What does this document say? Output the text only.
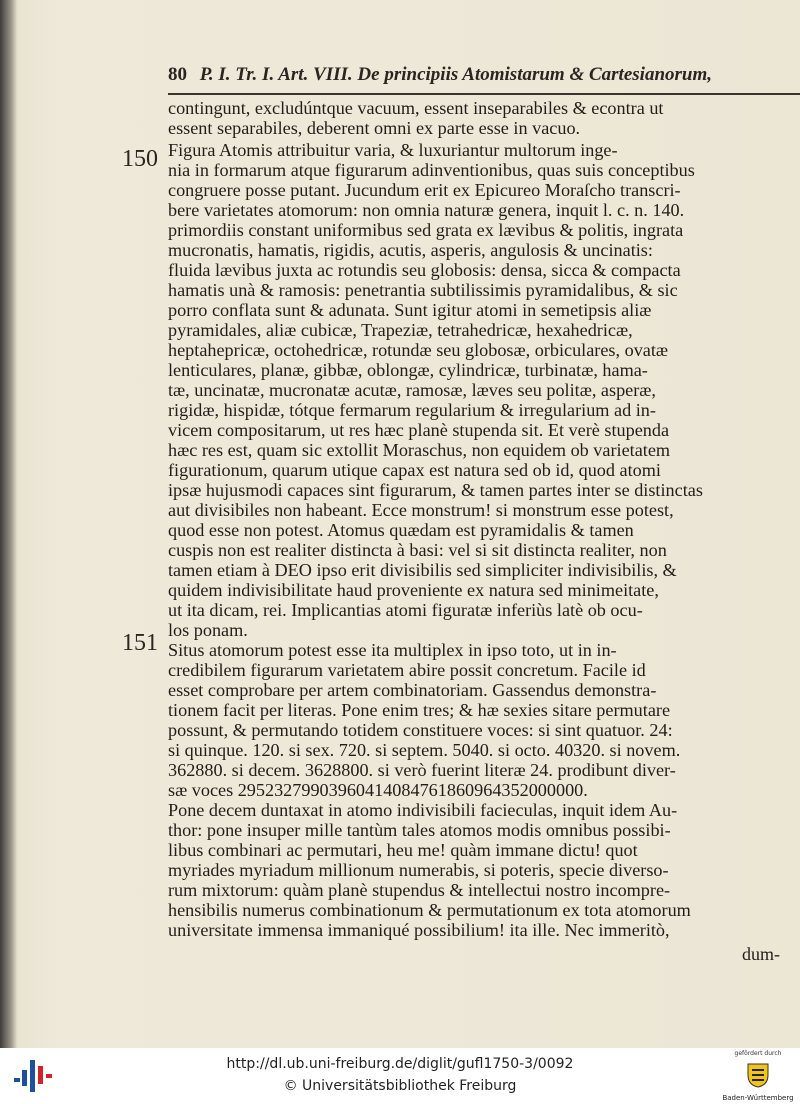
80 P. I. Tr. I. Art. VIII. De principiis Atomistarum & Cartesianorum,
150
151
contingunt, excludúntque vacuum, essent inseparabiles & econtra ut
essent separabiles, deberent omni ex parte esse in vacuo.
Figura Atomis attribuitur varia, & luxuriantur multorum inge-
nia in formarum atque figurarum adinventionibus, quas suis conceptibus
congruere posse putant. Jucundum erit ex Epicureo Moraſcho transcri-
bere varietates atomorum: non omnia naturæ genera, inquit l. c. n. 140.
primordiis constant uniformibus sed grata ex lævibus & politis, ingrata
mucronatis, hamatis, rigidis, acutis, asperis, angulosis & uncinatis:
fluida lævibus juxta ac rotundis seu globosis: densa, sicca & compacta
hamatis unà & ramosis: penetrantia subtilissimis pyramidalibus, & sic
porro conflata sunt & adunata. Sunt igitur atomi in semetipsis aliæ
pyramidales, aliæ cubicæ, Trapeziæ, tetrahedricæ, hexahedricæ,
heptahepricæ, octohedricæ, rotundæ seu globosæ, orbiculares, ovatæ
lenticulares, planæ, gibbæ, oblongæ, cylindricæ, turbinatæ, hama-
tæ, uncinatæ, mucronatæ acutæ, ramosæ, læves seu politæ, asperæ,
rigidæ, hispidæ, tótque fermarum regularium & irregularium ad in-
vicem compositarum, ut res hæc planè stupenda sit. Et verè stupenda
hæc res est, quam sic extollit Moraschus, non equidem ob varietatem
figurationum, quarum utique capax est natura sed ob id, quod atomi
ipsæ hujusmodi capaces sint figurarum, & tamen partes inter se distinctas
aut divisibiles non habeant. Ecce monstrum! si monstrum esse potest,
quod esse non potest. Atomus quædam est pyramidalis & tamen
cuspis non est realiter distincta à basi: vel si sit distincta realiter, non
tamen etiam à DEO ipso erit divisibilis sed simpliciter indivisibilis, &
quidem indivisibilitate haud proveniente ex natura sed minimeitate,
ut ita dicam, rei. Implicantias atomi figuratæ inferiùs latè ob ocu-
los ponam.
Situs atomorum potest esse ita multiplex in ipso toto, ut in in-
credibilem figurarum varietatem abire possit concretum. Facile id
esset comprobare per artem combinatoriam. Gassendus demonstra-
tionem facit per literas. Pone enim tres; & hæ sexies sitare permutare
possunt, & permutando totidem constituere voces: si sint quatuor. 24:
si quinque. 120. si sex. 720. si septem. 5040. si octo. 40320. si novem.
362880. si decem. 3628800. si verò fuerint literæ 24. prodibunt diver-
sæ voces 29523279903960414084761860964352000000.
Pone decem duntaxat in atomo indivisibili facieculas, inquit idem Au-
thor: pone insuper mille tantùm tales atomos modis omnibus possibi-
libus combinari ac permutari, heu me! quàm immane dictu! quot
myriades myriadum millionum numerabis, si poteris, specie diverso-
rum mixtorum: quàm planè stupendus & intellectui nostro incompre-
hensibilis numerus combinationum & permutationum ex tota atomorum
universitate immensa immaniqué possibilium! ita ille. Nec immeritò,
dum-
http://dl.ub.uni-freiburg.de/diglit/gufl1750-3/0092
© Universitätsbibliothek Freiburg
gefördert durch
Baden-Württemberg
